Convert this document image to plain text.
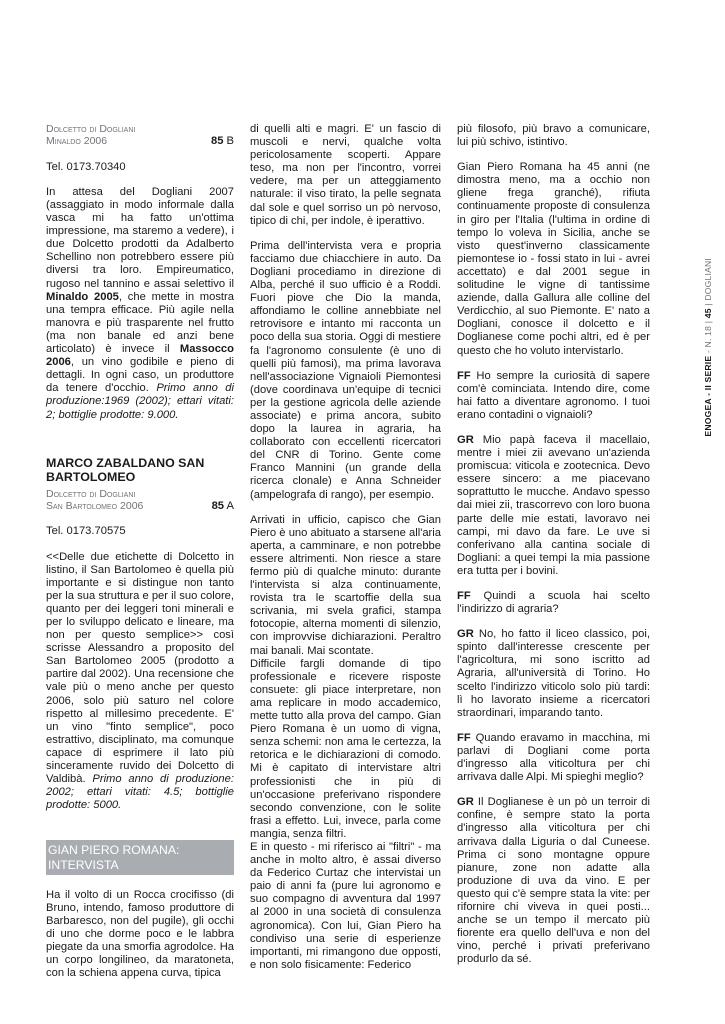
Dolcetto di Dogliani
Minaldo 2006	85 B

Tel. 0173.70340

In attesa del Dogliani 2007 (assaggiato in modo informale dalla vasca mi ha fatto un'ottima impressione, ma staremo a vedere), i due Dolcetto prodotti da Adalberto Schellino non potrebbero essere più diversi tra loro. Empireumatico, rugoso nel tannino e assai selettivo il Minaldo 2005, che mette in mostra una tempra efficace. Più agile nella manovra e più trasparente nel frutto (ma non banale ed anzi bene articolato) è invece il Massocco 2006, un vino godibile e pieno di dettagli. In ogni caso, un produttore da tenere d'occhio. Primo anno di produzione:1969 (2002); ettari vitati: 2; bottiglie prodotte: 9.000.

MARCO ZABALDANO SAN BARTOLOMEO
Dolcetto di Dogliani
San Bartolomeo 2006	85 A

Tel. 0173.70575

<<Delle due etichette di Dolcetto in listino, il San Bartolomeo è quella più importante e si distingue non tanto per la sua struttura e per il suo colore, quanto per dei leggeri toni minerali e per lo sviluppo delicato e lineare, ma non per questo semplice>> così scrisse Alessandro a proposito del San Bartolomeo 2005 (prodotto a partire dal 2002). Una recensione che vale più o meno anche per questo 2006, solo più saturo nel colore rispetto al millesimo precedente. E' un vino "finto semplice", poco estrattivo, disciplinato, ma comunque capace di esprimere il lato più sinceramente ruvido dei Dolcetto di Valdibà. Primo anno di produzione: 2002; ettari vitati: 4.5; bottiglie prodotte: 5000.

GIAN PIERO ROMANA: INTERVISTA

Ha il volto di un Rocca crocifisso (di Bruno, intendo, famoso produttore di Barbaresco, non del pugile), gli occhi di uno che dorme poco e le labbra piegate da una smorfia agrodolce. Ha un corpo longilineo, da maratoneta, con la schiena appena curva, tipica

di quelli alti e magri. E' un fascio di muscoli e nervi, qualche volta pericolosamente scoperti. Appare teso, ma non per l'incontro, vorrei vedere, ma per un atteggiamento naturale: il viso tirato, la pelle segnata dal sole e quel sorriso un pò nervoso, tipico di chi, per indole, è iperattivo.

Prima dell'intervista vera e propria facciamo due chiacchiere in auto. Da Dogliani procediamo in direzione di Alba, perché il suo ufficio è a Roddi. Fuori piove che Dio la manda, affondiamo le colline annebbiate nel retrovisore e intanto mi racconta un poco della sua storia. Oggi di mestiere fa l'agronomo consulente (è uno di quelli più famosi), ma prima lavorava nell'associazione Vignaioli Piemontesi (dove coordinava un'equipe di tecnici per la gestione agricola delle aziende associate) e prima ancora, subito dopo la laurea in agraria, ha collaborato con eccellenti ricercatori del CNR di Torino. Gente come Franco Mannini (un grande della ricerca clonale) e Anna Schneider (ampelografa di rango), per esempio.

Arrivati in ufficio, capisco che Gian Piero è uno abituato a starsene all'aria aperta, a camminare, e non potrebbe essere altrimenti. Non riesce a stare fermo più di qualche minuto: durante l'intervista si alza continuamente, rovista tra le scartoffie della sua scrivania, mi svela grafici, stampa fotocopie, alterna momenti di silenzio, con improvvise dichiarazioni. Peraltro mai banali. Mai scontate.

Difficile fargli domande di tipo professionale e ricevere risposte consuete: gli piace interpretare, non ama replicare in modo accademico, mette tutto alla prova del campo. Gian Piero Romana è un uomo di vigna, senza schemi: non ama le certezza, la retorica e le dichiarazioni di comodo. Mi è capitato di intervistare altri professionisti che in più di un'occasione preferivano rispondere secondo convenzione, con le solite frasi a effetto. Lui, invece, parla come mangia, senza filtri.

E in questo - mi riferisco ai "filtri" - ma anche in molto altro, è assai diverso da Federico Curtaz che intervistai un paio di anni fa (pure lui agronomo e suo compagno di avventura dal 1997 al 2000 in una società di consulenza agronomica). Con lui, Gian Piero ha condiviso una serie di esperienze importanti, mi rimangono due opposti, e non solo fisicamente: Federico

più filosofo, più bravo a comunicare, lui più schivo, istintivo.

Gian Piero Romana ha 45 anni (ne dimostra meno, ma a occhio non gliene frega granché), rifiuta continuamente proposte di consulenza in giro per l'Italia (l'ultima in ordine di tempo lo voleva in Sicilia, anche se visto quest'inverno classicamente piemontese io - fossi stato in lui - avrei accettato) e dal 2001 segue in solitudine le vigne di tantissime aziende, dalla Gallura alle colline del Verdicchio, al suo Piemonte. E' nato a Dogliani, conosce il dolcetto e il Doglianese come pochi altri, ed è per questo che ho voluto intervistarlo.

FF Ho sempre la curiosità di sapere com'è cominciata. Intendo dire, come hai fatto a diventare agronomo. I tuoi erano contadini o vignaioli?

GR Mio papà faceva il macellaio, mentre i miei zii avevano un'azienda promiscua: viticola e zootecnica. Devo essere sincero: a me piacevano soprattutto le mucche. Andavo spesso dai miei zii, trascorrevo con loro buona parte delle mie estati, lavoravo nei campi, mi davo da fare. Le uve si conferivano alla cantina sociale di Dogliani: a quei tempi la mia passione era tutta per i bovini.

FF Quindi a scuola hai scelto l'indirizzo di agraria?

GR No, ho fatto il liceo classico, poi, spinto dall'interesse crescente per l'agricoltura, mi sono iscritto ad Agraria, all'università di Torino. Ho scelto l'indirizzo viticolo solo più tardi: lì ho lavorato insieme a ricercatori straordinari, imparando tanto.

FF Quando eravamo in macchina, mi parlavi di Dogliani come porta d'ingresso alla viticoltura per chi arrivava dalle Alpi. Mi spieghi meglio?

GR Il Doglianese è un pò un terroir di confine, è sempre stato la porta d'ingresso alla viticoltura per chi arrivava dalla Liguria o dal Cuneese. Prima ci sono montagne oppure pianure, zone non adatte alla produzione di uva da vino. E per questo qui c'è sempre stata la vite: per rifornire chi viveva in quei posti... anche se un tempo il mercato più fiorente era quello dell'uva e non del vino, perché i privati preferivano produrlo da sé.

ENOGEA - II SERIE - N. 18 | 45 | DOGLIANI
